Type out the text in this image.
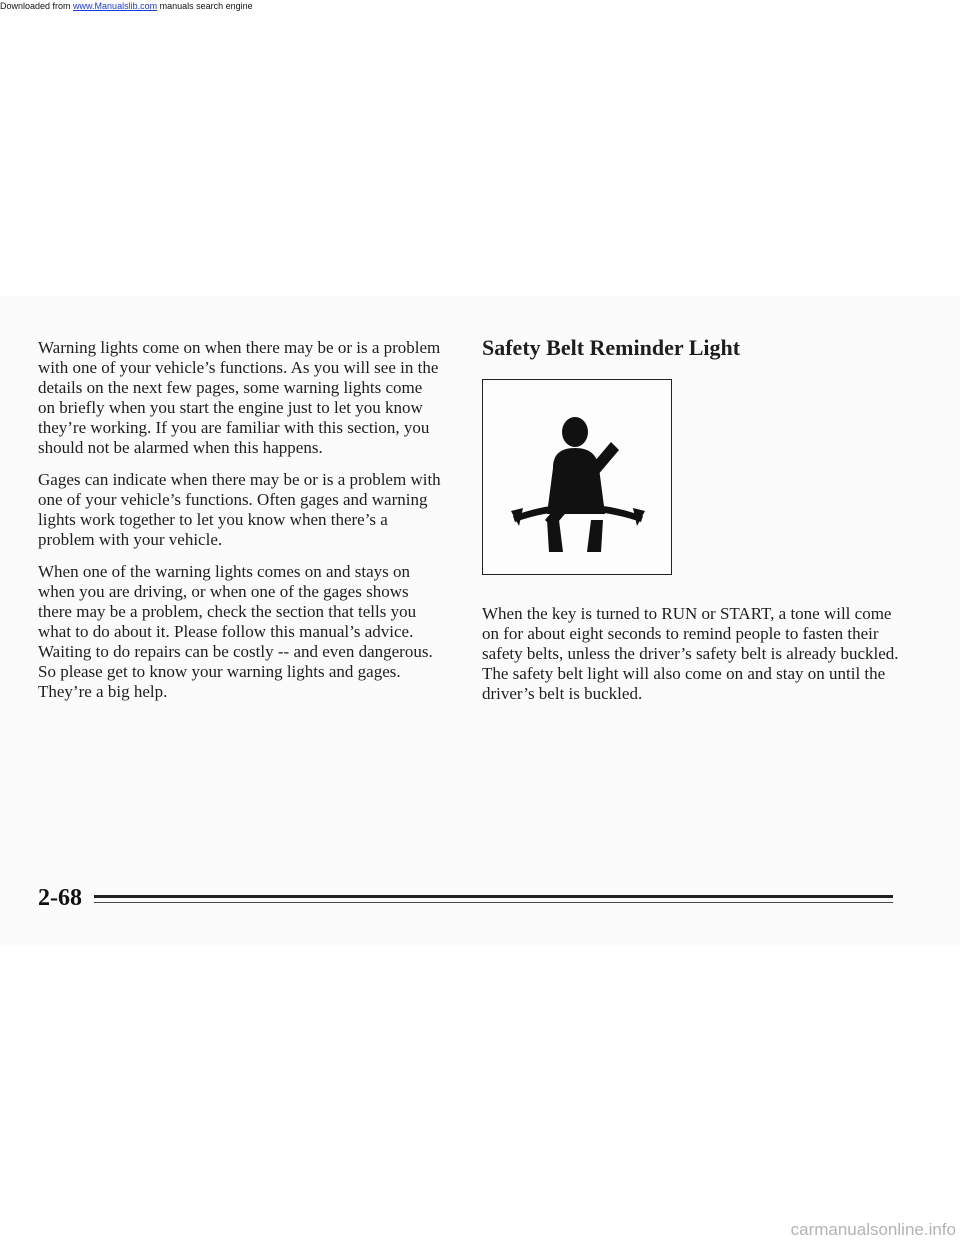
Downloaded from www.Manualslib.com manuals search engine

Warning lights come on when there may be or is a problem with one of your vehicle’s functions. As you will see in the details on the next few pages, some warning lights come on briefly when you start the engine just to let you know they’re working. If you are familiar with this section, you should not be alarmed when this happens.

Gages can indicate when there may be or is a problem with one of your vehicle’s functions. Often gages and warning lights work together to let you know when there’s a problem with your vehicle.

When one of the warning lights comes on and stays on when you are driving, or when one of the gages shows there may be a problem, check the section that tells you what to do about it. Please follow this manual’s advice. Waiting to do repairs can be costly -- and even dangerous. So please get to know your warning lights and gages. They’re a big help.

Safety Belt Reminder Light

When the key is turned to RUN or START, a tone will come on for about eight seconds to remind people to fasten their safety belts, unless the driver’s safety belt is already buckled. The safety belt light will also come on and stay on until the driver’s belt is buckled.

2-68
carmanualsonline.info
